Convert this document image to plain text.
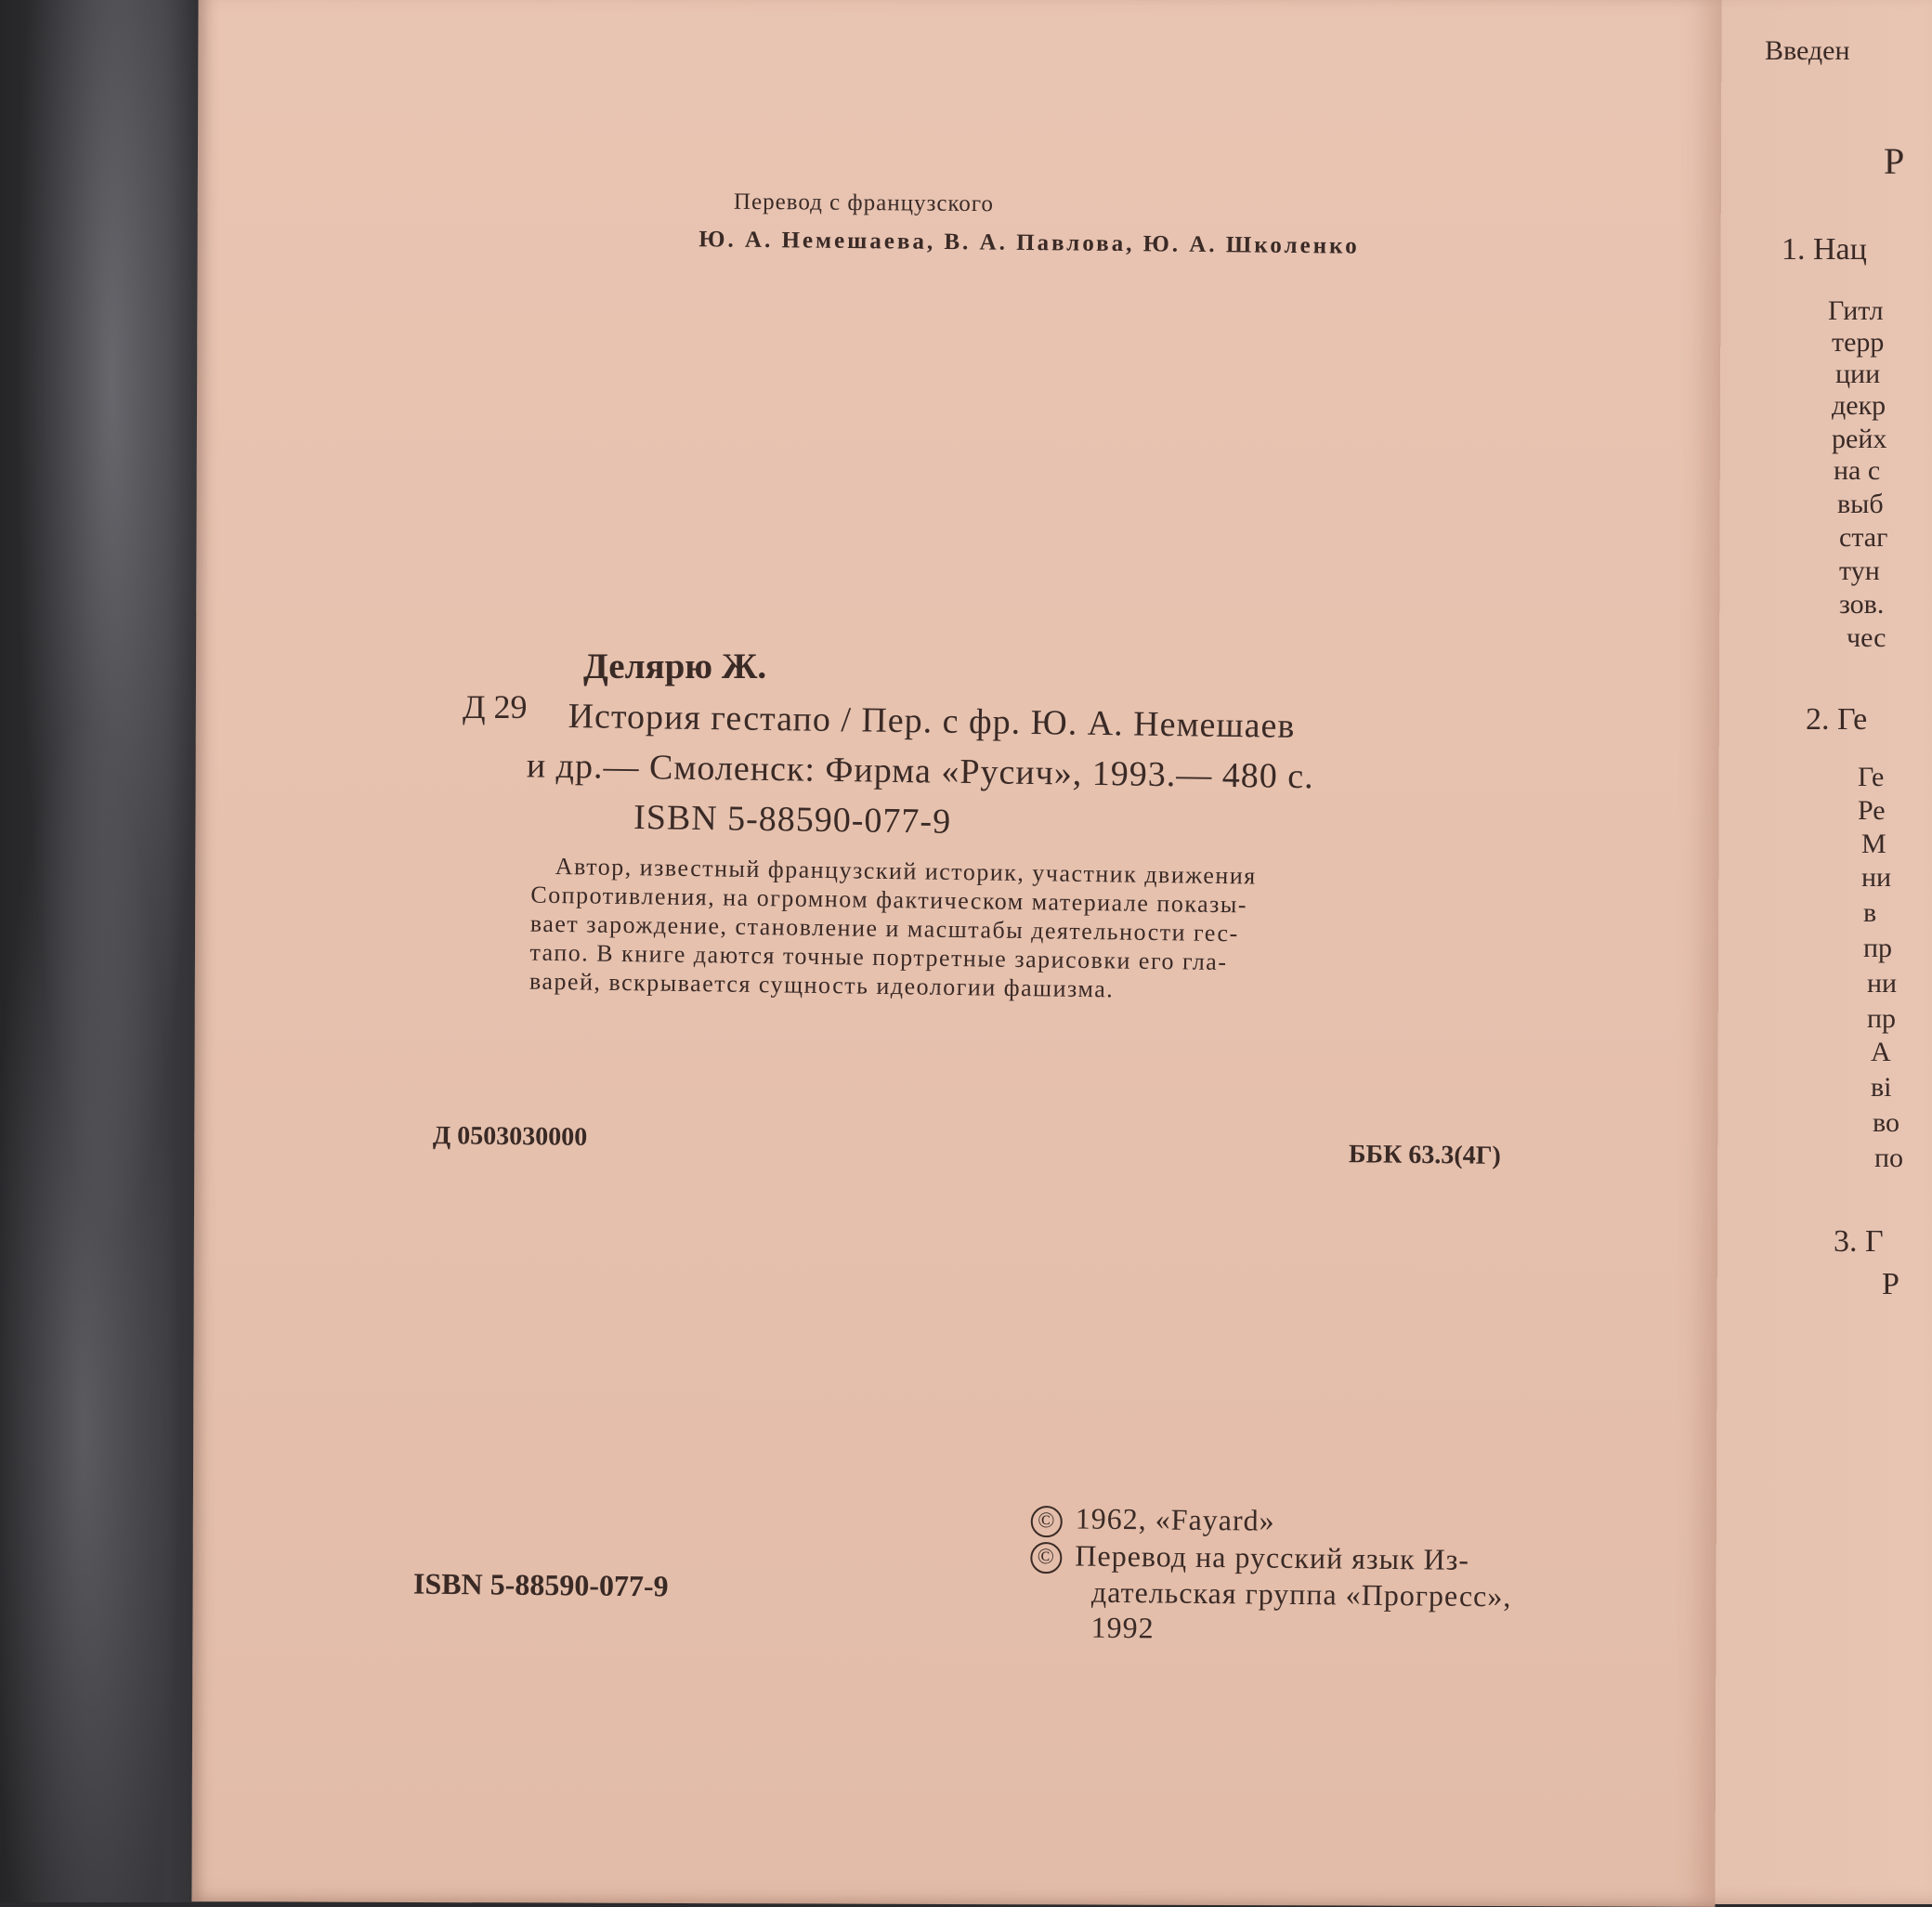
Перевод с французского
Ю. А. Немешаева, В. А. Павлова, Ю. А. Школенко
Делярю Ж.
Д 29 История гестапо / Пер. с фр. Ю. А. Немешаев
и др.— Смоленск: Фирма «Русич», 1993.— 480 с.
ISBN 5-88590-077-9
Автор, известный французский историк, участник движения
Сопротивления, на огромном фактическом материале показы-
вает зарождение, становление и масштабы деятельности гес-
тапо. В книге даются точные портретные зарисовки его гла-
варей, вскрывается сущность идеологии фашизма.
Д 0503030000
ББК 63.3(4Г)
© 1962, «Fayard»
© Перевод на русский язык Из-
дательская группа «Прогресс»,
1992
ISBN 5-88590-077-9
Введен
Р
1. Нац
Гитл
терр
ции
декр
рейх
на с
выб
стаг
тун
зов.
чес
2. Ге
Ге
Ре
М
ни
в
пр
ни
пр
А
ві
во
по
3. Г
Р
